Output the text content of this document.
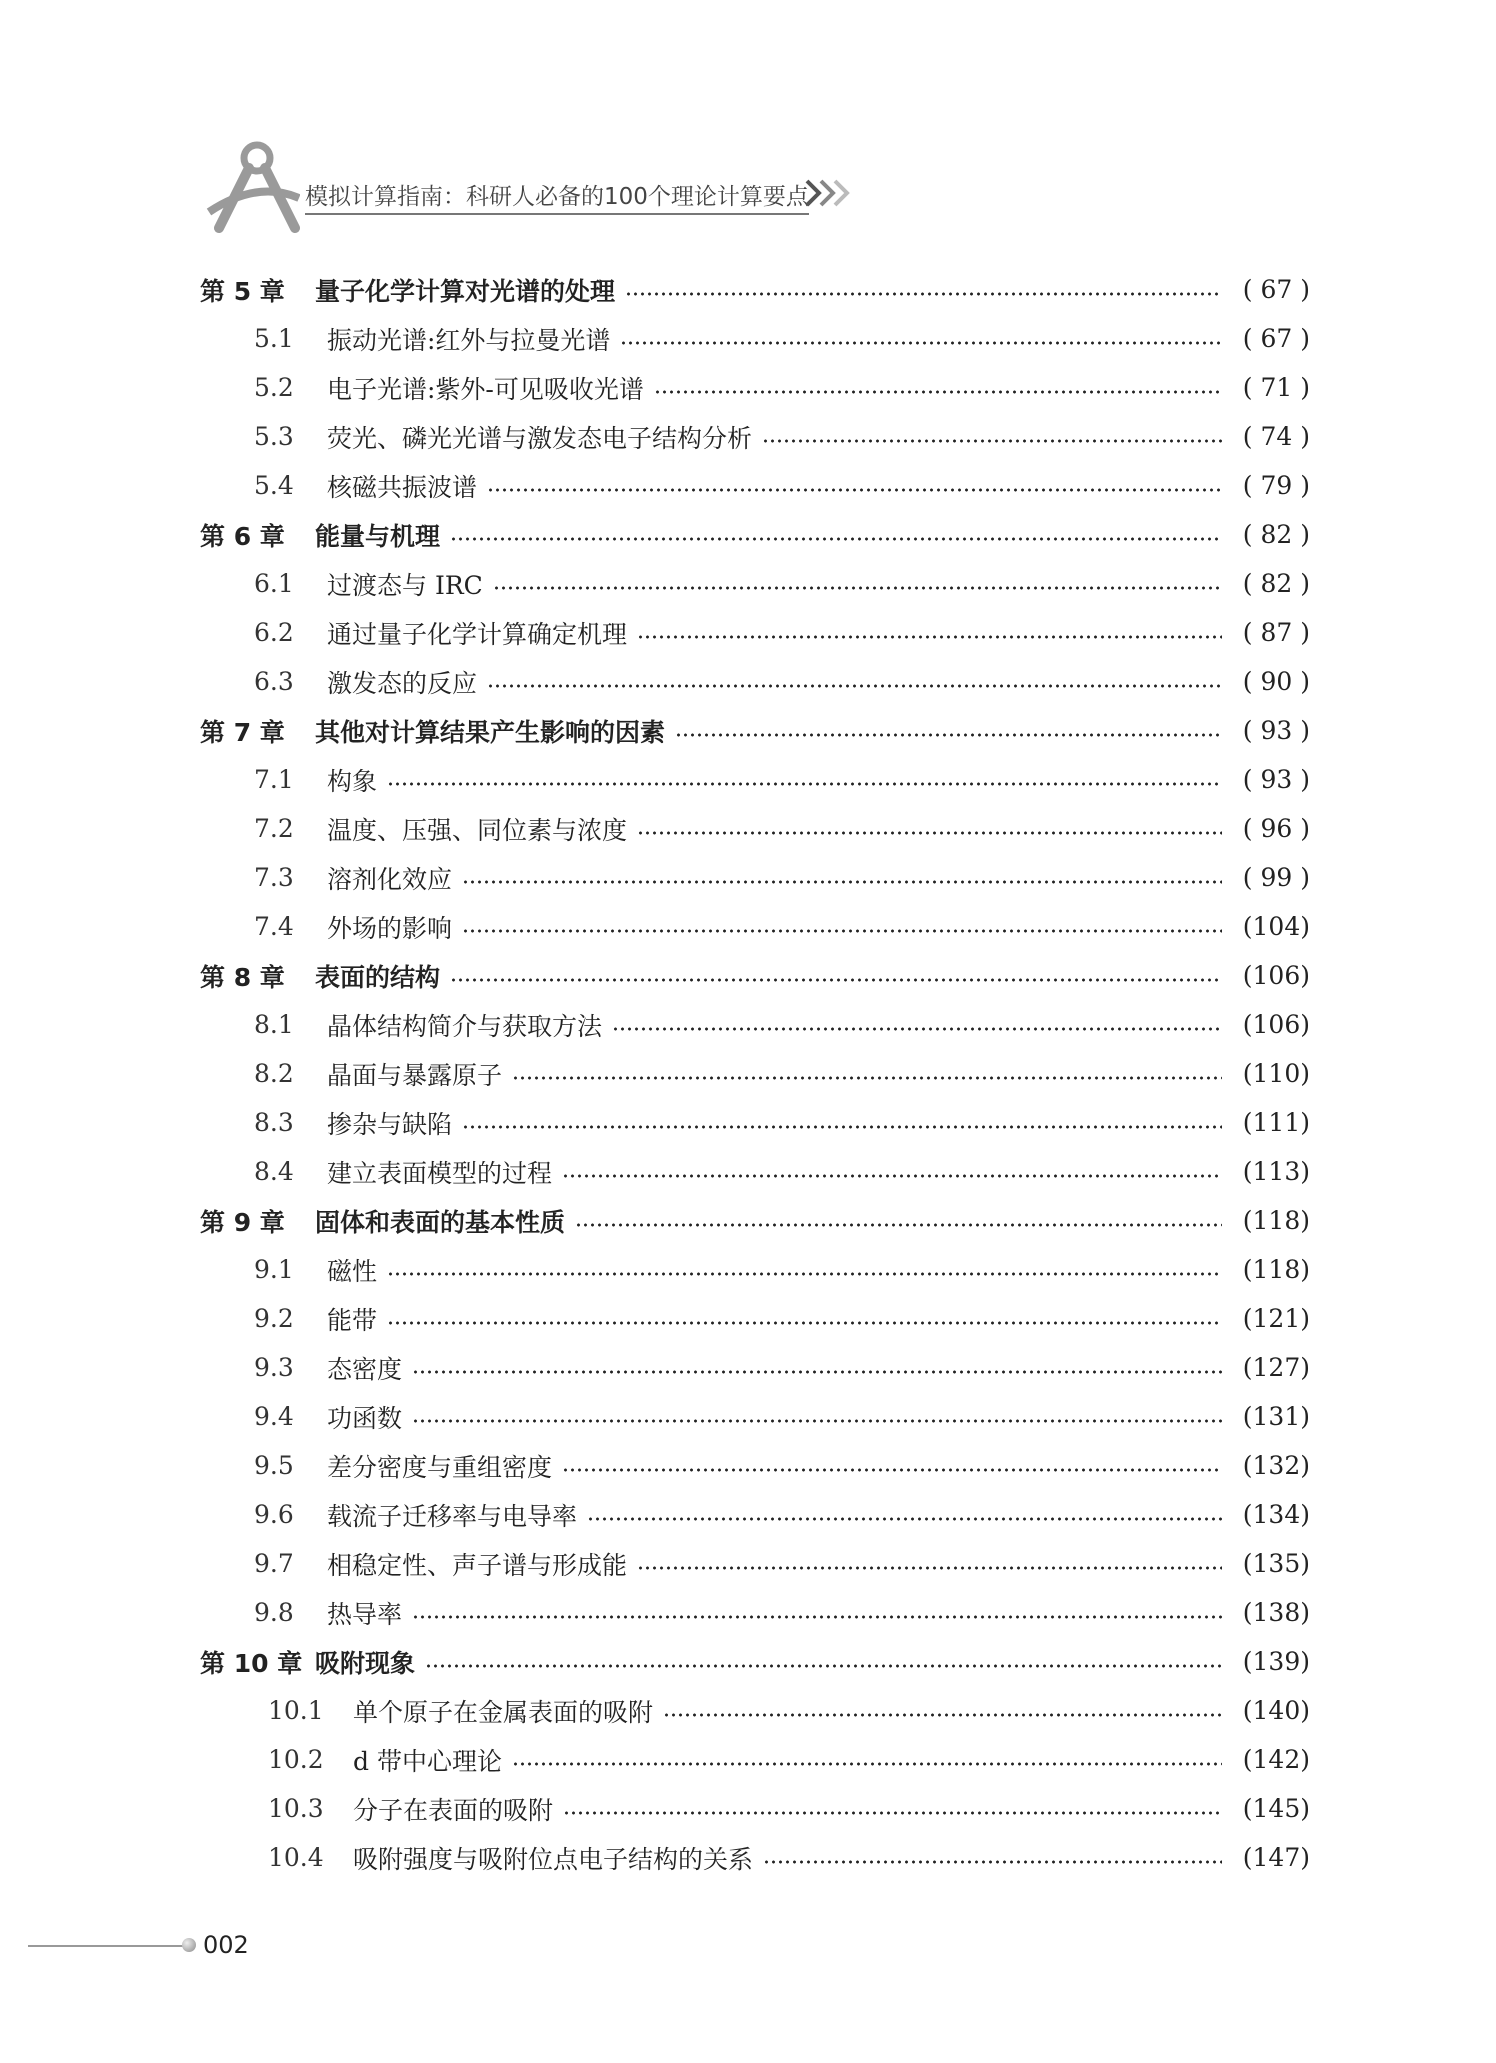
模拟计算指南：科研人必备的100个理论计算要点
第 5 章	量子化学计算对光谱的处理	( 67 )
5.1	振动光谱:红外与拉曼光谱	( 67 )
5.2	电子光谱:紫外-可见吸收光谱	( 71 )
5.3	荧光、磷光光谱与激发态电子结构分析	( 74 )
5.4	核磁共振波谱	( 79 )
第 6 章	能量与机理	( 82 )
6.1	过渡态与 IRC	( 82 )
6.2	通过量子化学计算确定机理	( 87 )
6.3	激发态的反应	( 90 )
第 7 章	其他对计算结果产生影响的因素	( 93 )
7.1	构象	( 93 )
7.2	温度、压强、同位素与浓度	( 96 )
7.3	溶剂化效应	( 99 )
7.4	外场的影响	(104)
第 8 章	表面的结构	(106)
8.1	晶体结构简介与获取方法	(106)
8.2	晶面与暴露原子	(110)
8.3	掺杂与缺陷	(111)
8.4	建立表面模型的过程	(113)
第 9 章	固体和表面的基本性质	(118)
9.1	磁性	(118)
9.2	能带	(121)
9.3	态密度	(127)
9.4	功函数	(131)
9.5	差分密度与重组密度	(132)
9.6	载流子迁移率与电导率	(134)
9.7	相稳定性、声子谱与形成能	(135)
9.8	热导率	(138)
第 10 章 吸附现象	(139)
10.1	单个原子在金属表面的吸附	(140)
10.2	d 带中心理论	(142)
10.3	分子在表面的吸附	(145)
10.4	吸附强度与吸附位点电子结构的关系	(147)
002
